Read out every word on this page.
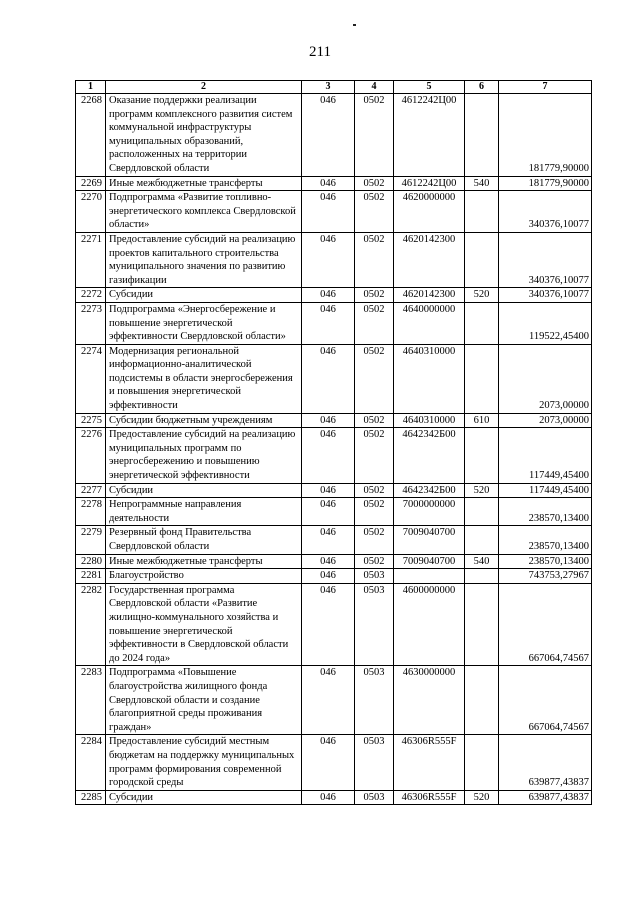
211
1	2	3	4	5	6	7
2268	Оказание поддержки реализации программ комплексного развития систем коммунальной инфраструктуры муниципальных образований, расположенных на территории Свердловской области	046	0502	4612242Ц00		181779,90000
2269	Иные межбюджетные трансферты	046	0502	4612242Ц00	540	181779,90000
2270	Подпрограмма «Развитие топливно-энергетического комплекса Свердловской области»	046	0502	4620000000		340376,10077
2271	Предоставление субсидий на реализацию проектов капитального строительства муниципального значения по развитию газификации	046	0502	4620142300		340376,10077
2272	Субсидии	046	0502	4620142300	520	340376,10077
2273	Подпрограмма «Энергосбережение и повышение энергетической эффективности Свердловской области»	046	0502	4640000000		119522,45400
2274	Модернизация региональной информационно-аналитической подсистемы в области энергосбережения и повышения энергетической эффективности	046	0502	4640310000		2073,00000
2275	Субсидии бюджетным учреждениям	046	0502	4640310000	610	2073,00000
2276	Предоставление субсидий на реализацию муниципальных программ по энергосбережению и повышению энергетической эффективности	046	0502	4642342Б00		117449,45400
2277	Субсидии	046	0502	4642342Б00	520	117449,45400
2278	Непрограммные направления деятельности	046	0502	7000000000		238570,13400
2279	Резервный фонд Правительства Свердловской области	046	0502	7009040700		238570,13400
2280	Иные межбюджетные трансферты	046	0502	7009040700	540	238570,13400
2281	Благоустройство	046	0503			743753,27967
2282	Государственная программа Свердловской области «Развитие жилищно-коммунального хозяйства и повышение энергетической эффективности в Свердловской области до 2024 года»	046	0503	4600000000		667064,74567
2283	Подпрограмма «Повышение благоустройства жилищного фонда Свердловской области и создание благоприятной среды проживания граждан»	046	0503	4630000000		667064,74567
2284	Предоставление субсидий местным бюджетам на поддержку муниципальных программ формирования современной городской среды	046	0503	46306R555F		639877,43837
2285	Субсидии	046	0503	46306R555F	520	639877,43837
